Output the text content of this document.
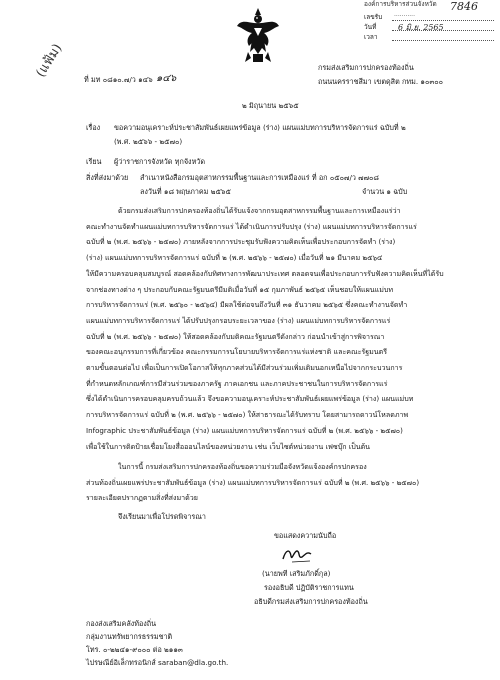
องค์การบริหารส่วนจังหวัด 7846
เลขรับ ...........
วันที่	6 มิ.ย. 2565
เวลา
(แฟ้ม)	ที่ มท ๐๘๑๐.๗/ว ๑๔๖ ๑๔๖
กรมส่งเสริมการปกครองท้องถิ่น
ถนนนครราชสีมา เขตดุสิต กทม. ๑๐๓๐๐
๒ มิถุนายน ๒๕๖๕
เรื่อง ขอความอนุเคราะห์ประชาสัมพันธ์เผยแพร่ข้อมูล (ร่าง) แผนแม่บทการบริหารจัดการแร่ ฉบับที่ ๒
(พ.ศ. ๒๕๖๖ - ๒๕๗๐)
เรียน ผู้ว่าราชการจังหวัด ทุกจังหวัด
สิ่งที่ส่งมาด้วย สำเนาหนังสือกรมอุตสาหกรรมพื้นฐานและการเหมืองแร่ ที่ อก ๐๕๐๗/ว ๗๗๐๘
ลงวันที่ ๑๘ พฤษภาคม ๒๕๖๕	จำนวน ๑ ฉบับ
ด้วยกรมส่งเสริมการปกครองท้องถิ่นได้รับแจ้งจากกรมอุตสาหกรรมพื้นฐานและการเหมืองแร่ว่า
คณะทำงานจัดทำแผนแม่บทการบริหารจัดการแร่ ได้ดำเนินการปรับปรุง (ร่าง) แผนแม่บทการบริหารจัดการแร่
ฉบับที่ ๒ (พ.ศ. ๒๕๖๖ - ๒๕๗๐) ภายหลังจากการประชุมรับฟังความคิดเห็นเพื่อประกอบการจัดทำ (ร่าง)
(ร่าง) แผนแม่บทการบริหารจัดการแร่ ฉบับที่ ๒ (พ.ศ. ๒๕๖๖ - ๒๕๗๐) เมื่อวันที่ ๒๑ มีนาคม ๒๕๖๔
ให้มีความครอบคลุมสมบูรณ์ สอดคล้องกับทิศทางการพัฒนาประเทศ ตลอดจนเพื่อประกอบการรับฟังความคิดเห็นที่ได้รับ
จากช่องทางต่าง ๆ ประกอบกับคณะรัฐมนตรีมีมติเมื่อวันที่ ๑๕ กุมภาพันธ์ ๒๕๖๕ เห็นชอบให้แผนแม่บท
การบริหารจัดการแร่ (พ.ศ. ๒๕๖๐ - ๒๕๖๔) มีผลใช้ต่อจนถึงวันที่ ๓๑ ธันวาคม ๒๕๖๕ ซึ่งคณะทำงานจัดทำ
แผนแม่บทการบริหารจัดการแร่ ได้ปรับปรุงกรอบระยะเวลาของ (ร่าง) แผนแม่บทการบริหารจัดการแร่
ฉบับที่ ๒ (พ.ศ. ๒๕๖๖ - ๒๕๗๐) ให้สอดคล้องกับมติคณะรัฐมนตรีดังกล่าว ก่อนนำเข้าสู่การพิจารณา
ของคณะอนุกรรมการที่เกี่ยวข้อง คณะกรรมการนโยบายบริหารจัดการแร่แห่งชาติ และคณะรัฐมนตรี
ตามขั้นตอนต่อไป เพื่อเป็นการเปิดโอกาสให้ทุกภาคส่วนได้มีส่วนร่วมเพิ่มเติมนอกเหนือไปจากกระบวนการ
ที่กำหนดหลักเกณฑ์การมีส่วนร่วมของภาครัฐ ภาคเอกชน และภาคประชาชนในการบริหารจัดการแร่
ซึ่งได้ดำเนินการครอบคลุมครบถ้วนแล้ว จึงขอความอนุเคราะห์ประชาสัมพันธ์เผยแพร่ข้อมูล (ร่าง) แผนแม่บท
การบริหารจัดการแร่ ฉบับที่ ๒ (พ.ศ. ๒๕๖๖ - ๒๕๗๐) ให้สาธารณะได้รับทราบ โดยสามารถดาวน์โหลดภาพ
Infographic ประชาสัมพันธ์ข้อมูล (ร่าง) แผนแม่บทการบริหารจัดการแร่ ฉบับที่ ๒ (พ.ศ. ๒๕๖๖ - ๒๕๗๐)
เพื่อใช้ในการติดป้ายเชื่อมโยงสื่อออนไลน์ของหน่วยงาน เช่น เว็บไซต์หน่วยงาน เฟซบุ๊ก เป็นต้น
ในการนี้ กรมส่งเสริมการปกครองท้องถิ่นขอความร่วมมือจังหวัดแจ้งองค์กรปกครอง
ส่วนท้องถิ่นเผยแพร่ประชาสัมพันธ์ข้อมูล (ร่าง) แผนแม่บทการบริหารจัดการแร่ ฉบับที่ ๒ (พ.ศ. ๒๕๖๖ - ๒๕๗๐)
รายละเอียดปรากฏตามสิ่งที่ส่งมาด้วย
จึงเรียนมาเพื่อโปรดพิจารณา
ขอแสดงความนับถือ
(นายพที เสริมภักดิ์กุล)
รองอธิบดี ปฏิบัติราชการแทน
อธิบดีกรมส่งเสริมการปกครองท้องถิ่น
กองส่งเสริมคลังท้องถิ่น
กลุ่มงานทรัพยากรธรรมชาติ
โทร. ๐-๒๒๔๑-๙๐๐๐ ต่อ ๒๑๑๓
ไปรษณีย์อิเล็กทรอนิกส์ saraban@dla.go.th.
